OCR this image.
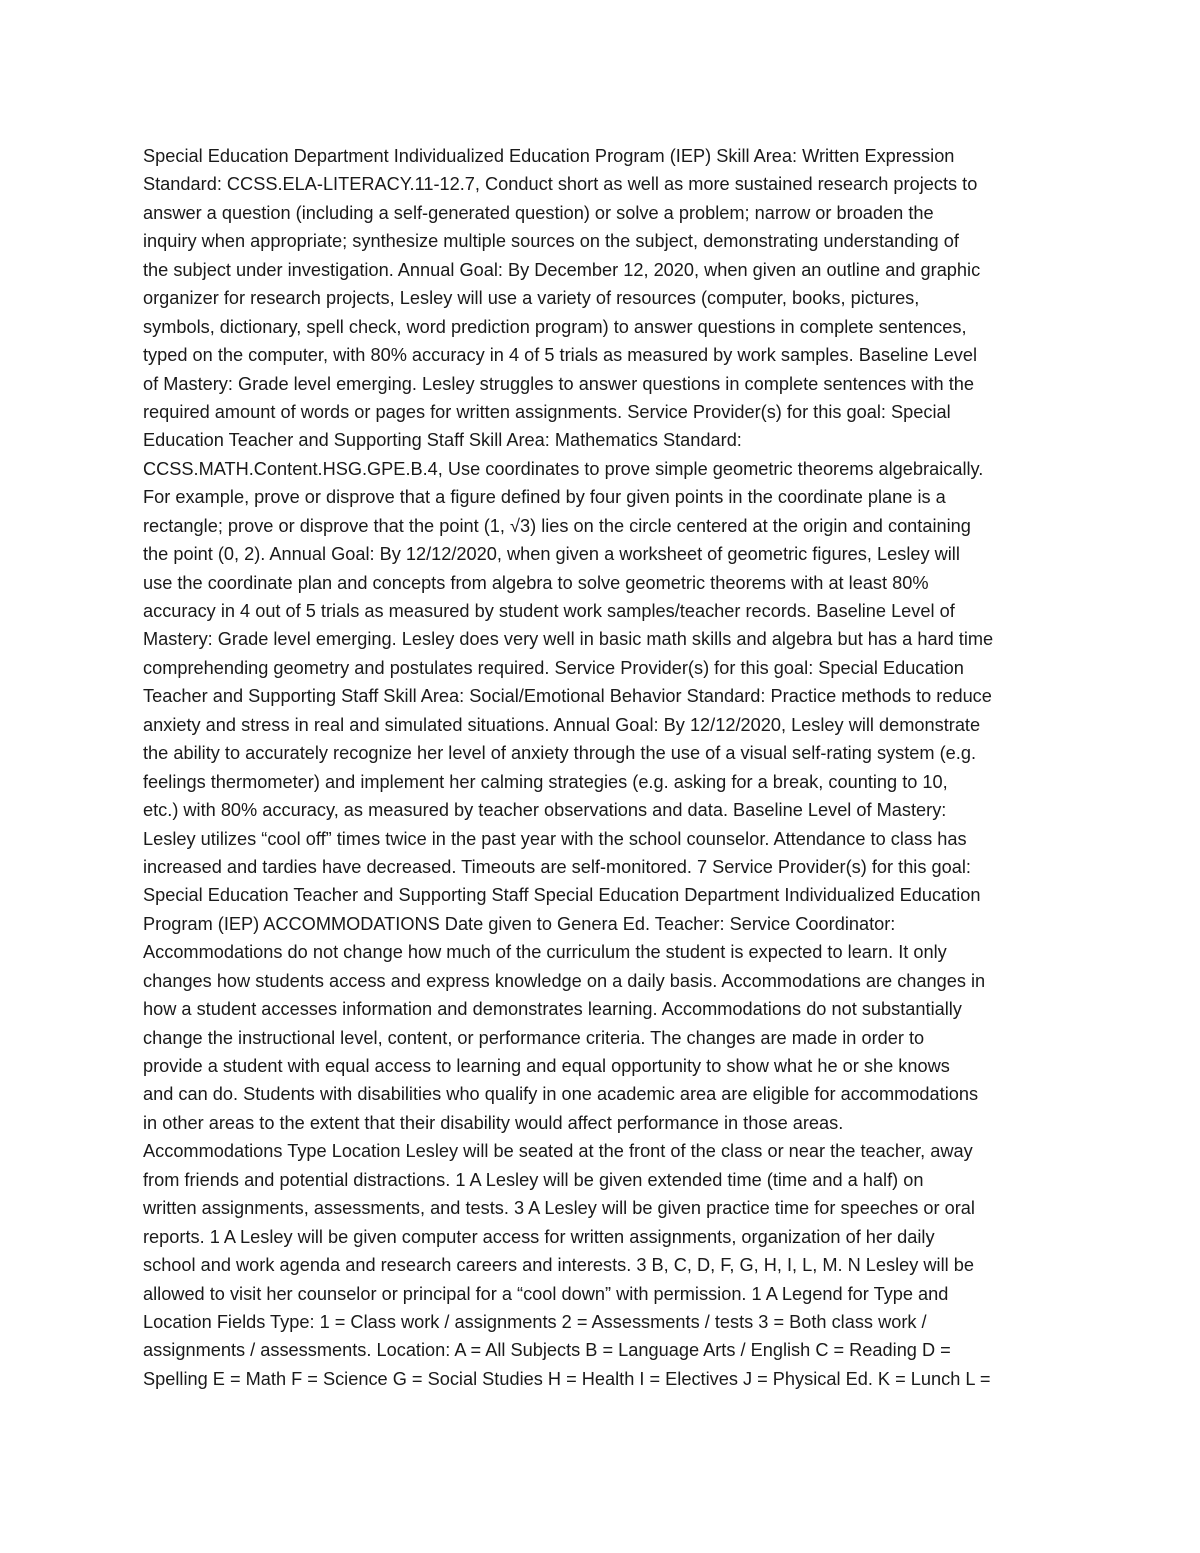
Special Education Department Individualized Education Program (IEP) Skill Area: Written Expression
Standard: CCSS.ELA-LITERACY.11-12.7, Conduct short as well as more sustained research projects to
answer a question (including a self-generated question) or solve a problem; narrow or broaden the
inquiry when appropriate; synthesize multiple sources on the subject, demonstrating understanding of
the subject under investigation. Annual Goal: By December 12, 2020, when given an outline and graphic
organizer for research projects, Lesley will use a variety of resources (computer, books, pictures,
symbols, dictionary, spell check, word prediction program) to answer questions in complete sentences,
typed on the computer, with 80% accuracy in 4 of 5 trials as measured by work samples. Baseline Level
of Mastery: Grade level emerging. Lesley struggles to answer questions in complete sentences with the
required amount of words or pages for written assignments. Service Provider(s) for this goal: Special
Education Teacher and Supporting Staff Skill Area: Mathematics Standard:
CCSS.MATH.Content.HSG.GPE.B.4, Use coordinates to prove simple geometric theorems algebraically.
For example, prove or disprove that a figure defined by four given points in the coordinate plane is a
rectangle; prove or disprove that the point (1, √3) lies on the circle centered at the origin and containing
the point (0, 2). Annual Goal: By 12/12/2020, when given a worksheet of geometric figures, Lesley will
use the coordinate plan and concepts from algebra to solve geometric theorems with at least 80%
accuracy in 4 out of 5 trials as measured by student work samples/teacher records. Baseline Level of
Mastery: Grade level emerging. Lesley does very well in basic math skills and algebra but has a hard time
comprehending geometry and postulates required. Service Provider(s) for this goal: Special Education
Teacher and Supporting Staff Skill Area: Social/Emotional Behavior Standard: Practice methods to reduce
anxiety and stress in real and simulated situations. Annual Goal: By 12/12/2020, Lesley will demonstrate
the ability to accurately recognize her level of anxiety through the use of a visual self-rating system (e.g.
feelings thermometer) and implement her calming strategies (e.g. asking for a break, counting to 10,
etc.) with 80% accuracy, as measured by teacher observations and data. Baseline Level of Mastery:
Lesley utilizes “cool off” times twice in the past year with the school counselor. Attendance to class has
increased and tardies have decreased. Timeouts are self-monitored. 7 Service Provider(s) for this goal:
Special Education Teacher and Supporting Staff Special Education Department Individualized Education
Program (IEP) ACCOMMODATIONS Date given to Genera Ed. Teacher: Service Coordinator:
Accommodations do not change how much of the curriculum the student is expected to learn. It only
changes how students access and express knowledge on a daily basis. Accommodations are changes in
how a student accesses information and demonstrates learning. Accommodations do not substantially
change the instructional level, content, or performance criteria. The changes are made in order to
provide a student with equal access to learning and equal opportunity to show what he or she knows
and can do. Students with disabilities who qualify in one academic area are eligible for accommodations
in other areas to the extent that their disability would affect performance in those areas.
Accommodations Type Location Lesley will be seated at the front of the class or near the teacher, away
from friends and potential distractions. 1 A Lesley will be given extended time (time and a half) on
written assignments, assessments, and tests. 3 A Lesley will be given practice time for speeches or oral
reports. 1 A Lesley will be given computer access for written assignments, organization of her daily
school and work agenda and research careers and interests. 3 B, C, D, F, G, H, I, L, M. N Lesley will be
allowed to visit her counselor or principal for a “cool down” with permission. 1 A Legend for Type and
Location Fields Type: 1 = Class work / assignments 2 = Assessments / tests 3 = Both class work /
assignments / assessments. Location: A = All Subjects B = Language Arts / English C = Reading D =
Spelling E = Math F = Science G = Social Studies H = Health I = Electives J = Physical Ed. K = Lunch L =
